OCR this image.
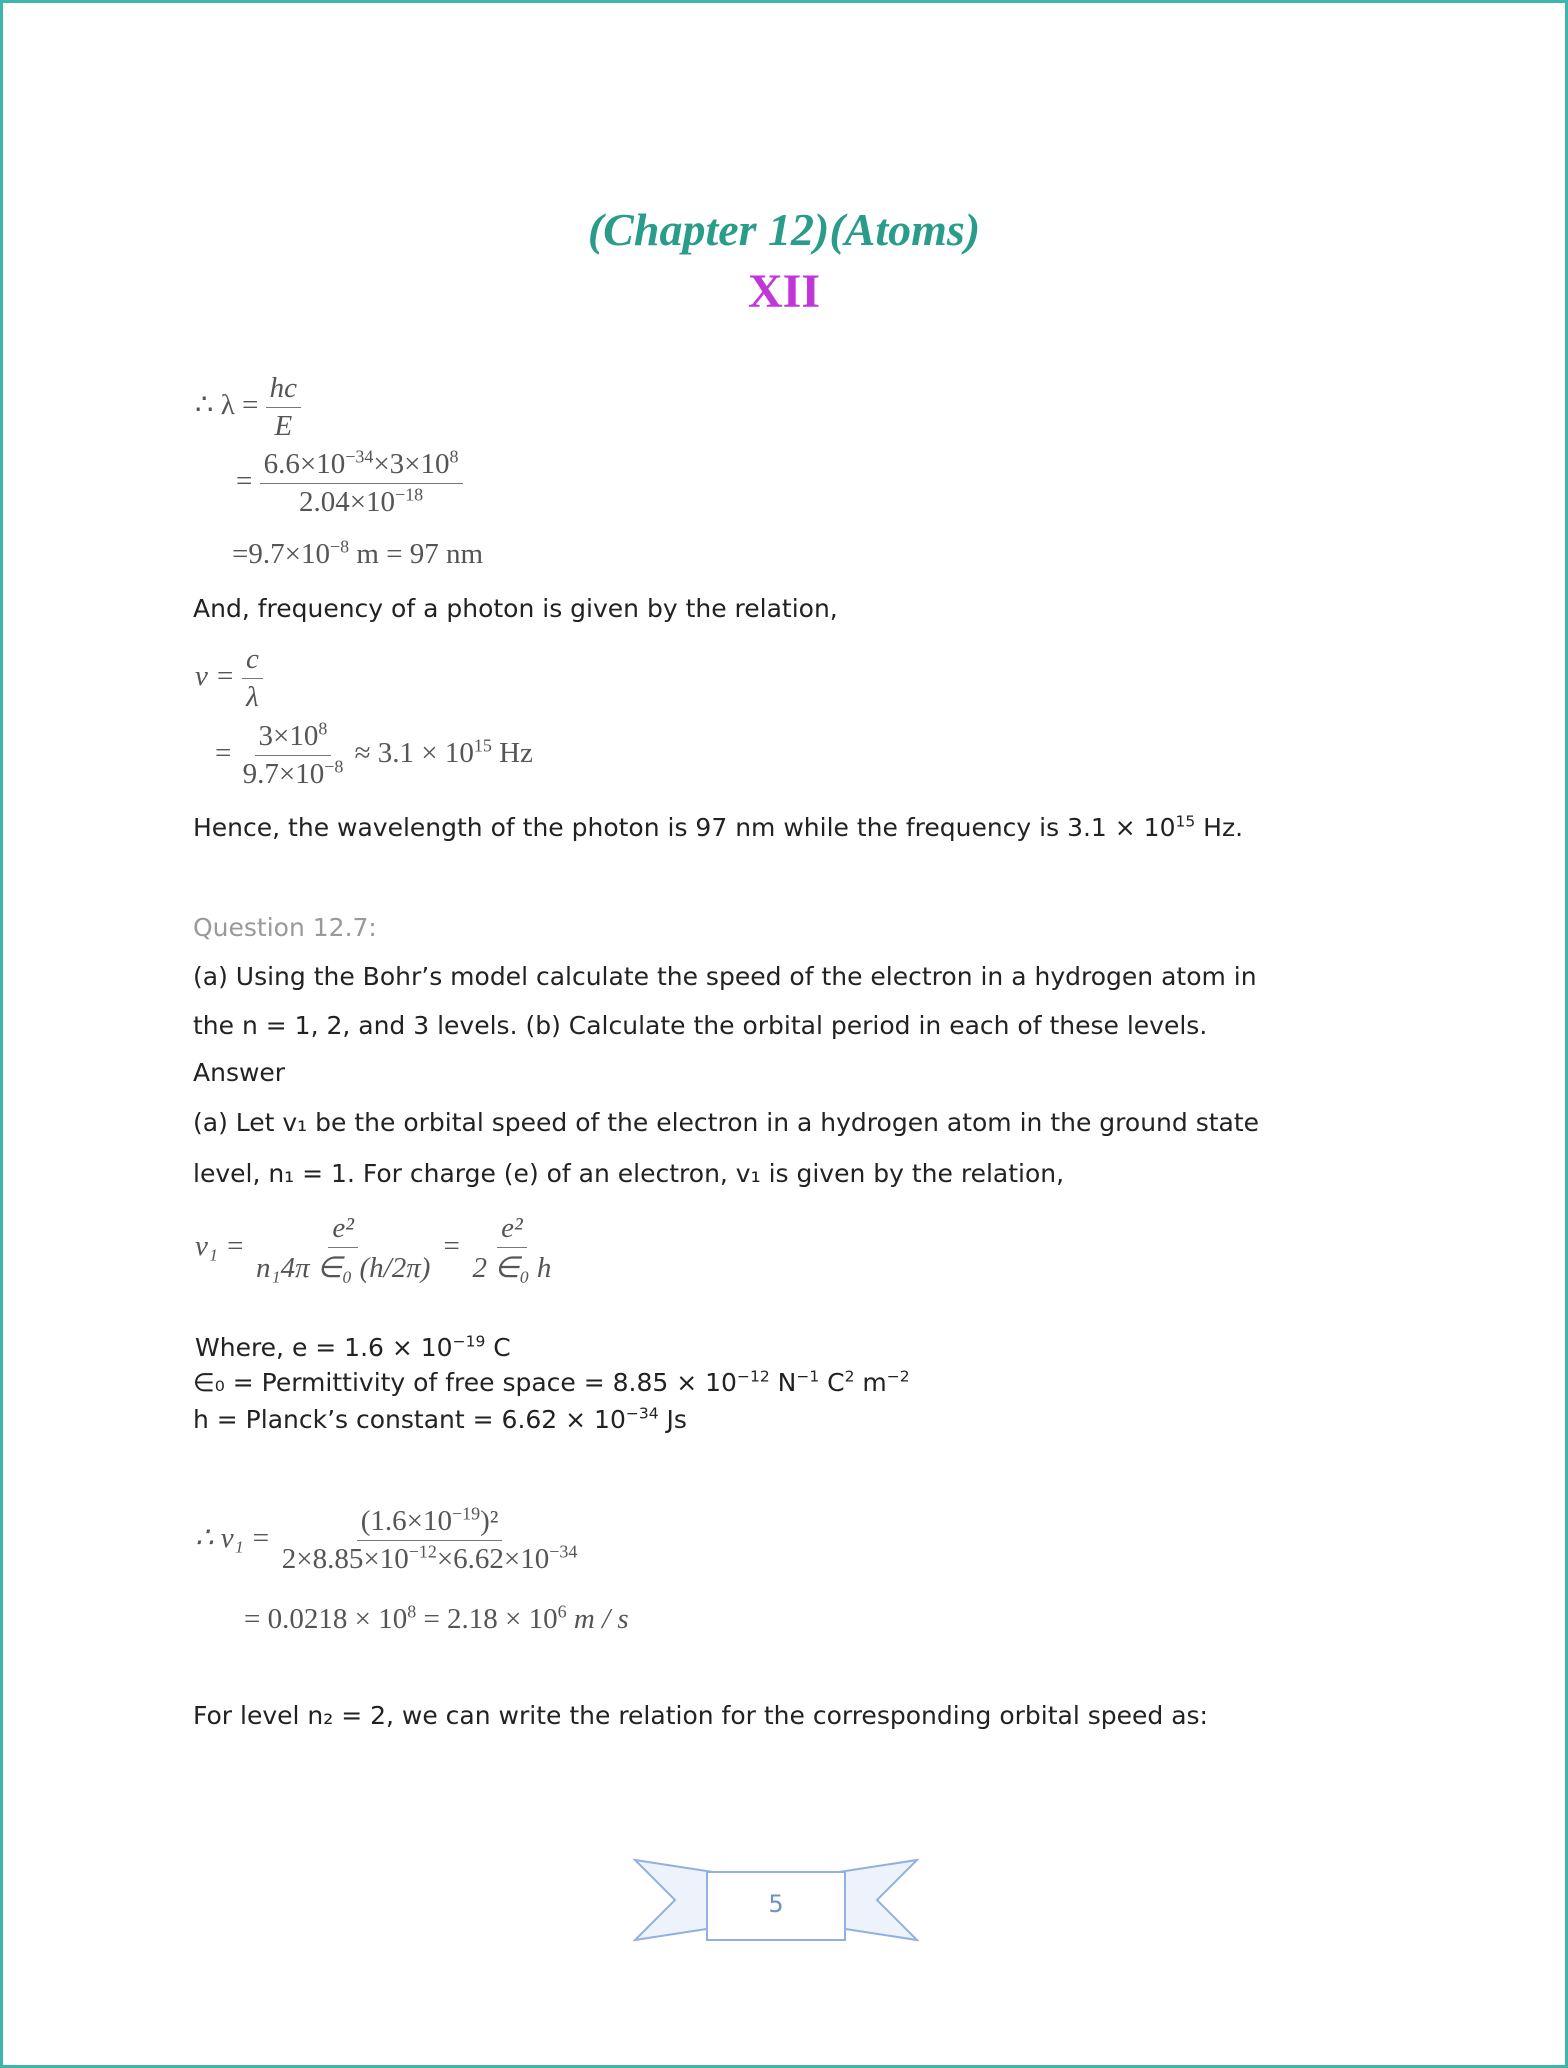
(Chapter 12)(Atoms)
XII
∴ $\lambda = \frac{hc}{E}$
= $\frac{6.6\times 10^{-34}\times 3\times 10^8}{2.04\times 10^{-18}}$
$=9.7\times 10^{-8}$ m = 97 nm
And, frequency of a photon is given by the relation,
$\nu = \frac{c}{\lambda}$
= $\frac{3\times 10^8}{9.7\times 10^{-8}} \approx 3.1 \times 10^{15}$ Hz
Hence, the wavelength of the photon is 97 nm while the frequency is $3.1 \times 10^{15}$ Hz.
Question 12.7:
(a) Using the Bohr’s model calculate the speed of the electron in a hydrogen atom in
the n = 1, 2, and 3 levels. (b) Calculate the orbital period in each of these levels.
Answer
(a) Let v₁ be the orbital speed of the electron in a hydrogen atom in the ground state
level, n₁ = 1. For charge (e) of an electron, v₁ is given by the relation,
$v_1 = \frac{\text{e²}}{\text{n₁4π ∈₀ (h/2π)}} = \frac{\text{e²}}{\text{2 ∈₀ h}}$
Where, $e = 1.6 \times 10^{-19}$ C
∈₀ = Permittivity of free space = $8.85 \times 10^{-12}$ $N^{-1}$ $C^2$ $m^{-2}$
h = Planck’s constant = $6.62 \times 10^{-34}$ Js
∴ $v_1 = \frac{(1.6\times 10^{-19})^2}{2\times 8.85\times 10^{-12}\times 6.62\times 10^{-34}}$
= $0.0218 \times 10^8 = 2.18 \times 10^6$ m / s
For level n₂ = 2, we can write the relation for the corresponding orbital speed as:
5
